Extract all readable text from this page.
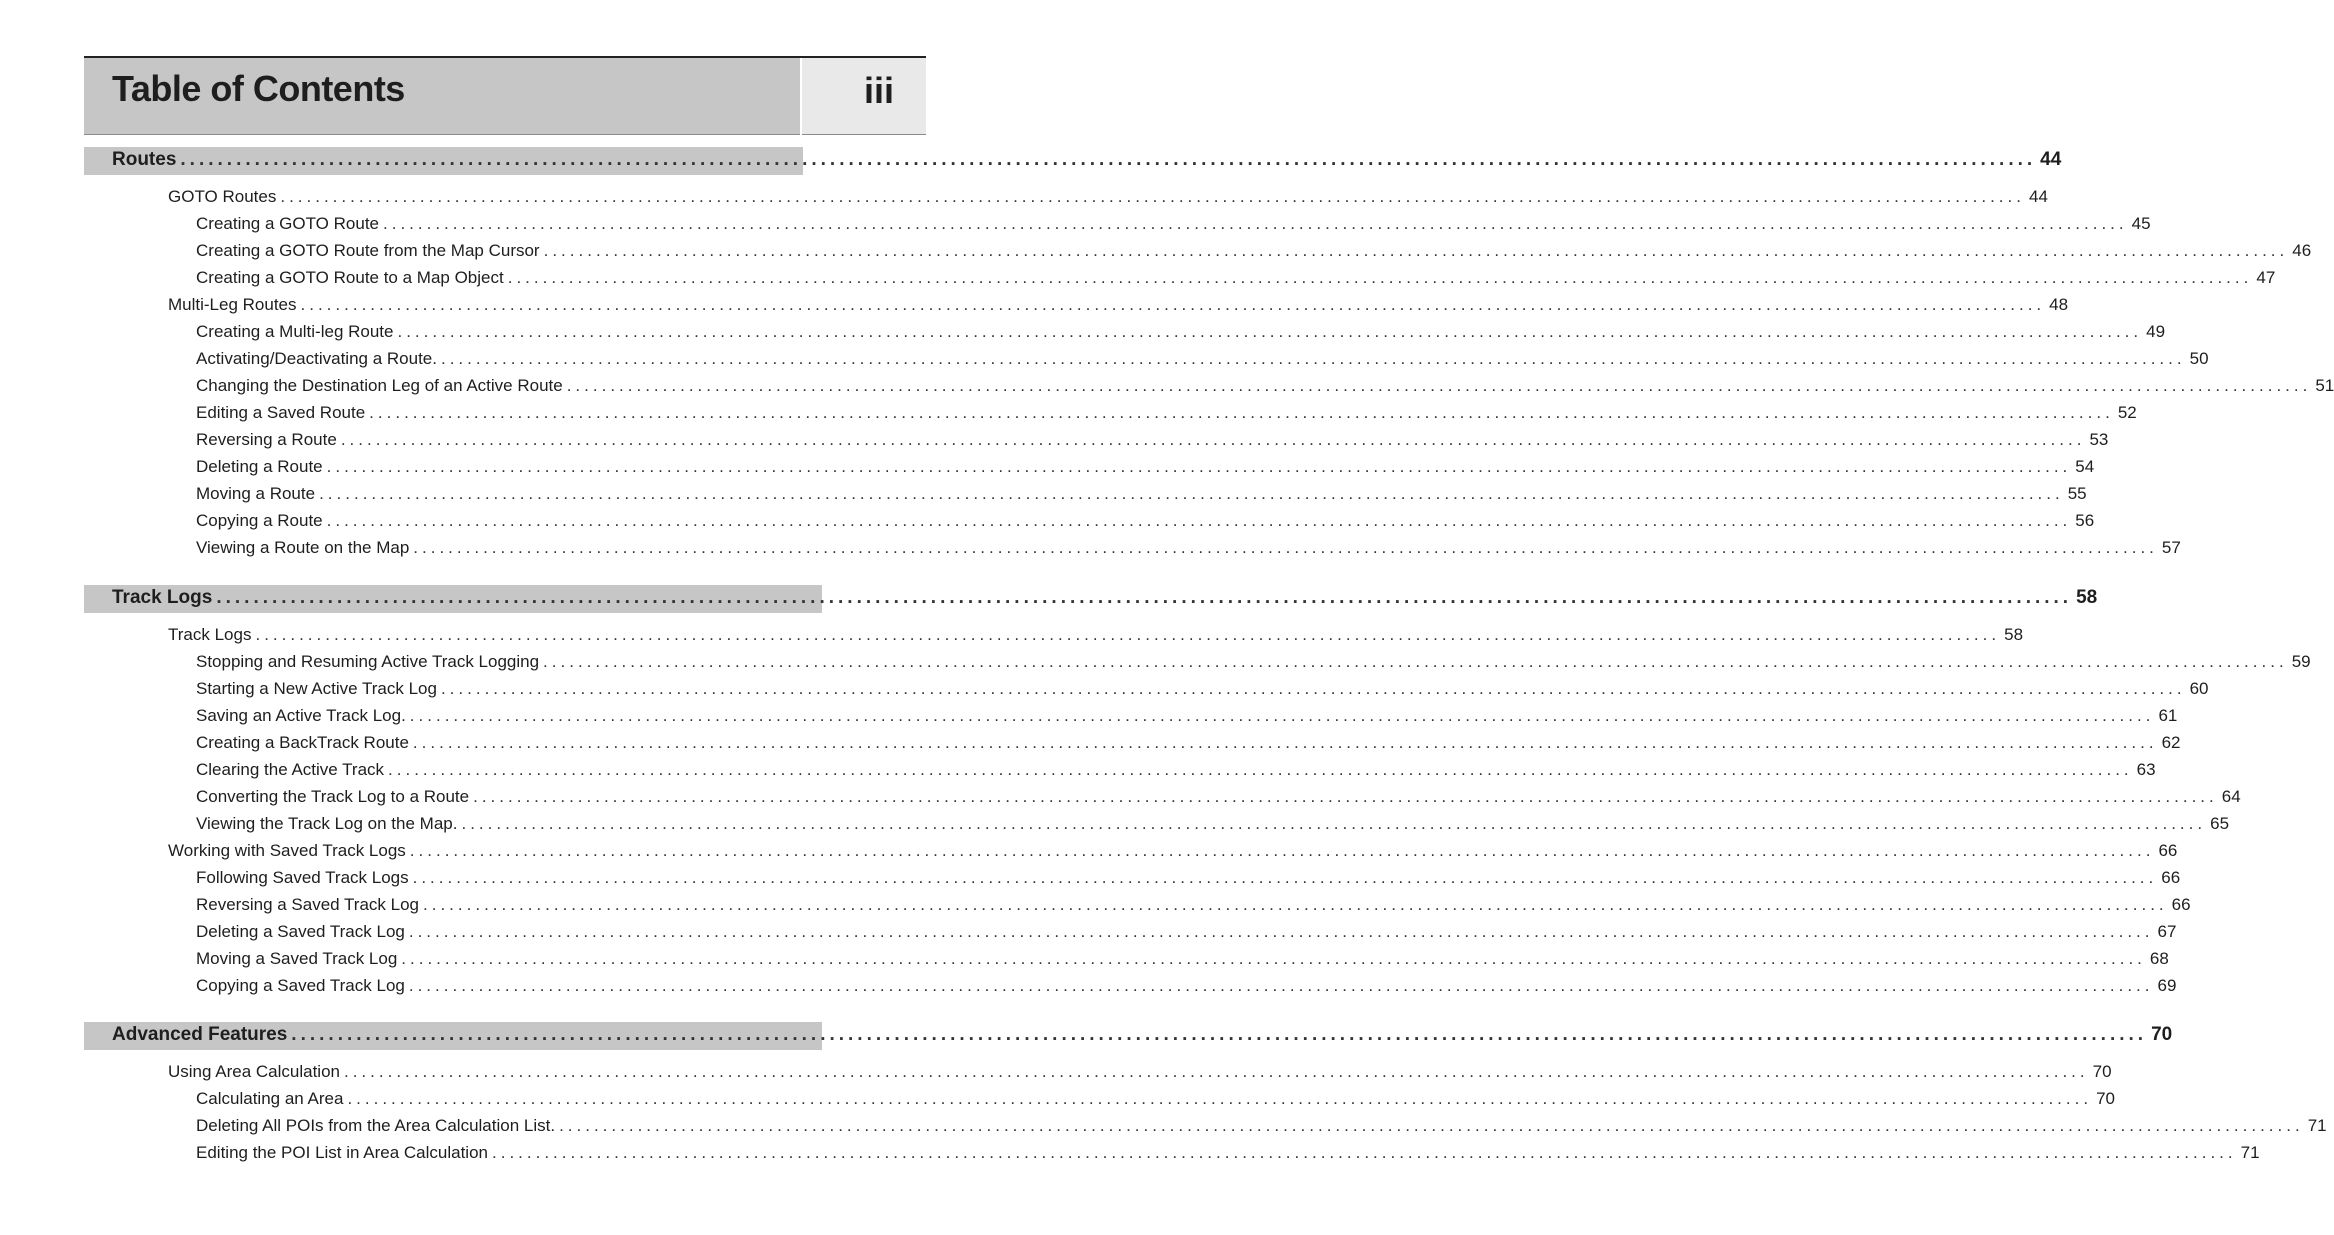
Table of Contents	iii
Routes ........................................................................................................................................................................................................ 44
GOTO Routes ........................................................................................................................................................................................................ 44
Creating a GOTO Route ........................................................................................................................................................................................................ 45
Creating a GOTO Route from the Map Cursor ........................................................................................................................................................................................................ 46
Creating a GOTO Route to a Map Object ........................................................................................................................................................................................................ 47
Multi-Leg Routes ........................................................................................................................................................................................................ 48
Creating a Multi-leg Route ........................................................................................................................................................................................................ 49
Activating/Deactivating a Route. ........................................................................................................................................................................................................ 50
Changing the Destination Leg of an Active Route ........................................................................................................................................................................................................ 51
Editing a Saved Route ........................................................................................................................................................................................................ 52
Reversing a Route ........................................................................................................................................................................................................ 53
Deleting a Route ........................................................................................................................................................................................................ 54
Moving a Route ........................................................................................................................................................................................................ 55
Copying a Route ........................................................................................................................................................................................................ 56
Viewing a Route on the Map ........................................................................................................................................................................................................ 57
Track Logs ........................................................................................................................................................................................................ 58
Track Logs ........................................................................................................................................................................................................ 58
Stopping and Resuming Active Track Logging ........................................................................................................................................................................................................ 59
Starting a New Active Track Log ........................................................................................................................................................................................................ 60
Saving an Active Track Log. ........................................................................................................................................................................................................ 61
Creating a BackTrack Route ........................................................................................................................................................................................................ 62
Clearing the Active Track ........................................................................................................................................................................................................ 63
Converting the Track Log to a Route ........................................................................................................................................................................................................ 64
Viewing the Track Log on the Map. ........................................................................................................................................................................................................ 65
Working with Saved Track Logs ........................................................................................................................................................................................................ 66
Following Saved Track Logs ........................................................................................................................................................................................................ 66
Reversing a Saved Track Log ........................................................................................................................................................................................................ 66
Deleting a Saved Track Log ........................................................................................................................................................................................................ 67
Moving a Saved Track Log ........................................................................................................................................................................................................ 68
Copying a Saved Track Log ........................................................................................................................................................................................................ 69
Advanced Features ........................................................................................................................................................................................................ 70
Using Area Calculation ........................................................................................................................................................................................................ 70
Calculating an Area ........................................................................................................................................................................................................ 70
Deleting All POIs from the Area Calculation List. ........................................................................................................................................................................................................ 71
Editing the POI List in Area Calculation ........................................................................................................................................................................................................ 71
